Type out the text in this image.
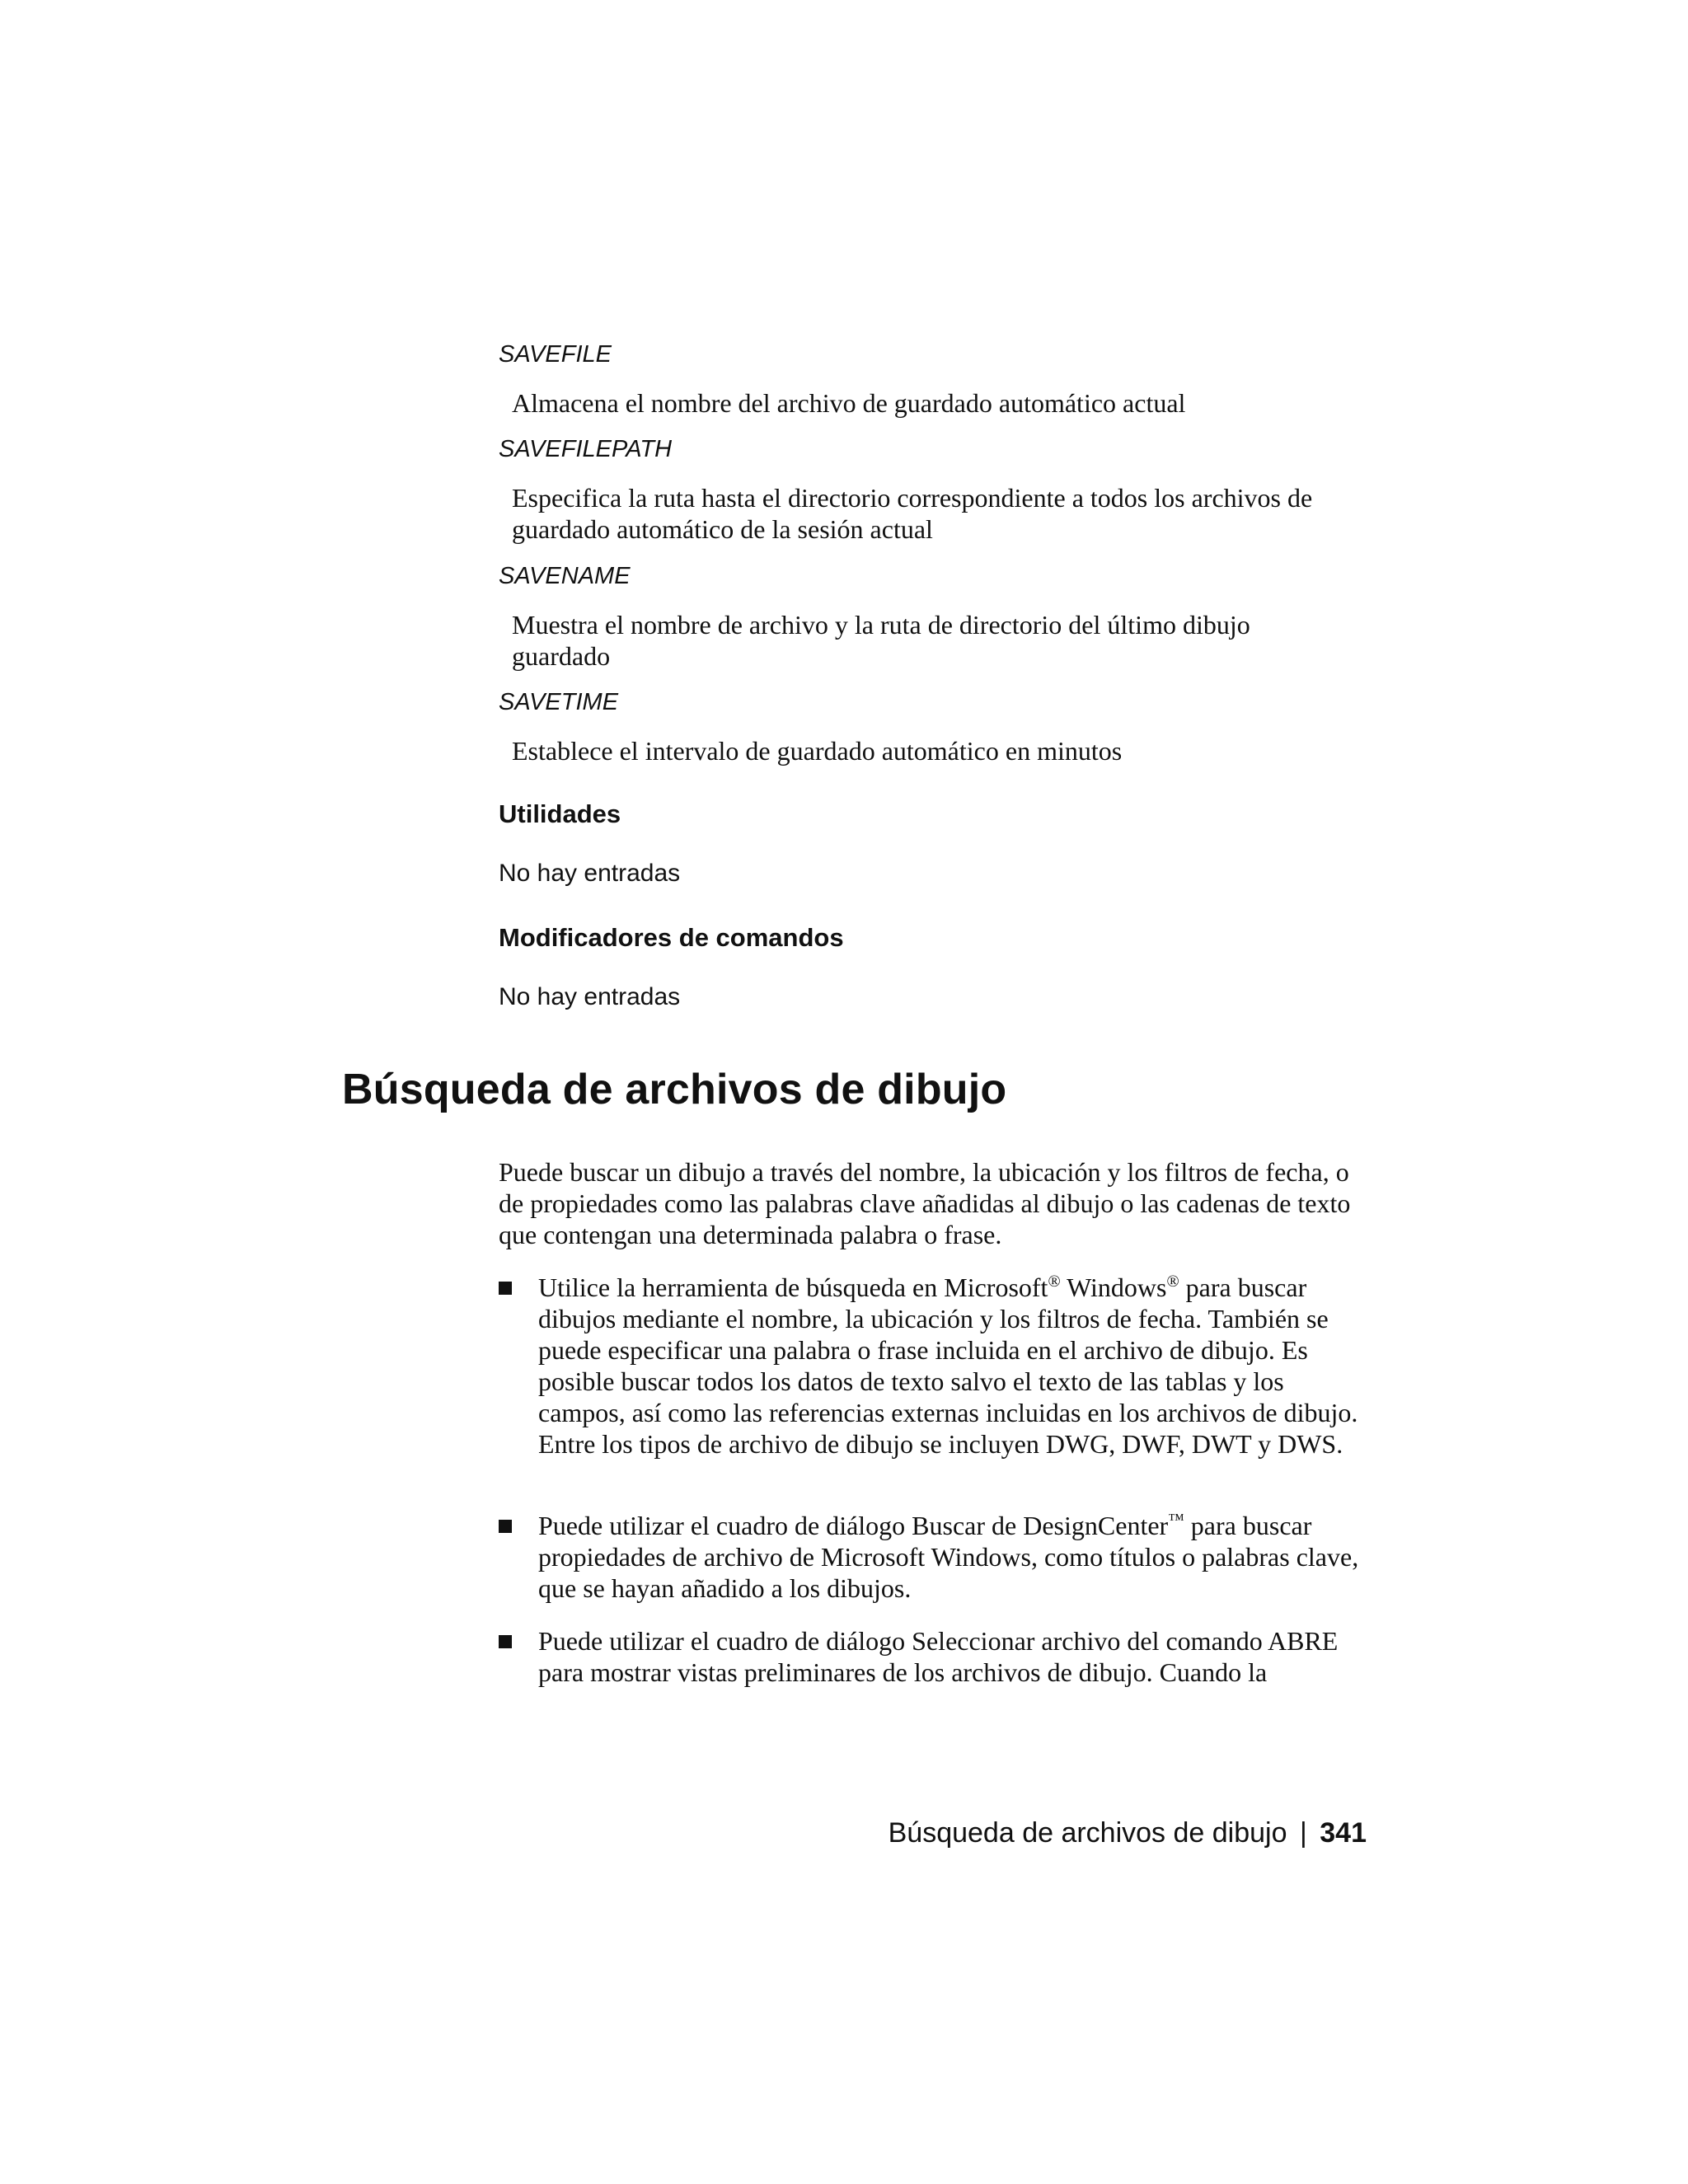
SAVEFILE

Almacena el nombre del archivo de guardado automático actual

SAVEFILEPATH

Especifica la ruta hasta el directorio correspondiente a todos los archivos de guardado automático de la sesión actual

SAVENAME

Muestra el nombre de archivo y la ruta de directorio del último dibujo guardado

SAVETIME

Establece el intervalo de guardado automático en minutos

Utilidades

No hay entradas

Modificadores de comandos

No hay entradas

Búsqueda de archivos de dibujo

Puede buscar un dibujo a través del nombre, la ubicación y los filtros de fecha, o de propiedades como las palabras clave añadidas al dibujo o las cadenas de texto que contengan una determinada palabra o frase.

Utilice la herramienta de búsqueda en Microsoft® Windows® para buscar dibujos mediante el nombre, la ubicación y los filtros de fecha. También se puede especificar una palabra o frase incluida en el archivo de dibujo. Es posible buscar todos los datos de texto salvo el texto de las tablas y los campos, así como las referencias externas incluidas en los archivos de dibujo. Entre los tipos de archivo de dibujo se incluyen DWG, DWF, DWT y DWS.

Puede utilizar el cuadro de diálogo Buscar de DesignCenter™ para buscar propiedades de archivo de Microsoft Windows, como títulos o palabras clave, que se hayan añadido a los dibujos.

Puede utilizar el cuadro de diálogo Seleccionar archivo del comando ABRE para mostrar vistas preliminares de los archivos de dibujo. Cuando la

Búsqueda de archivos de dibujo | 341
